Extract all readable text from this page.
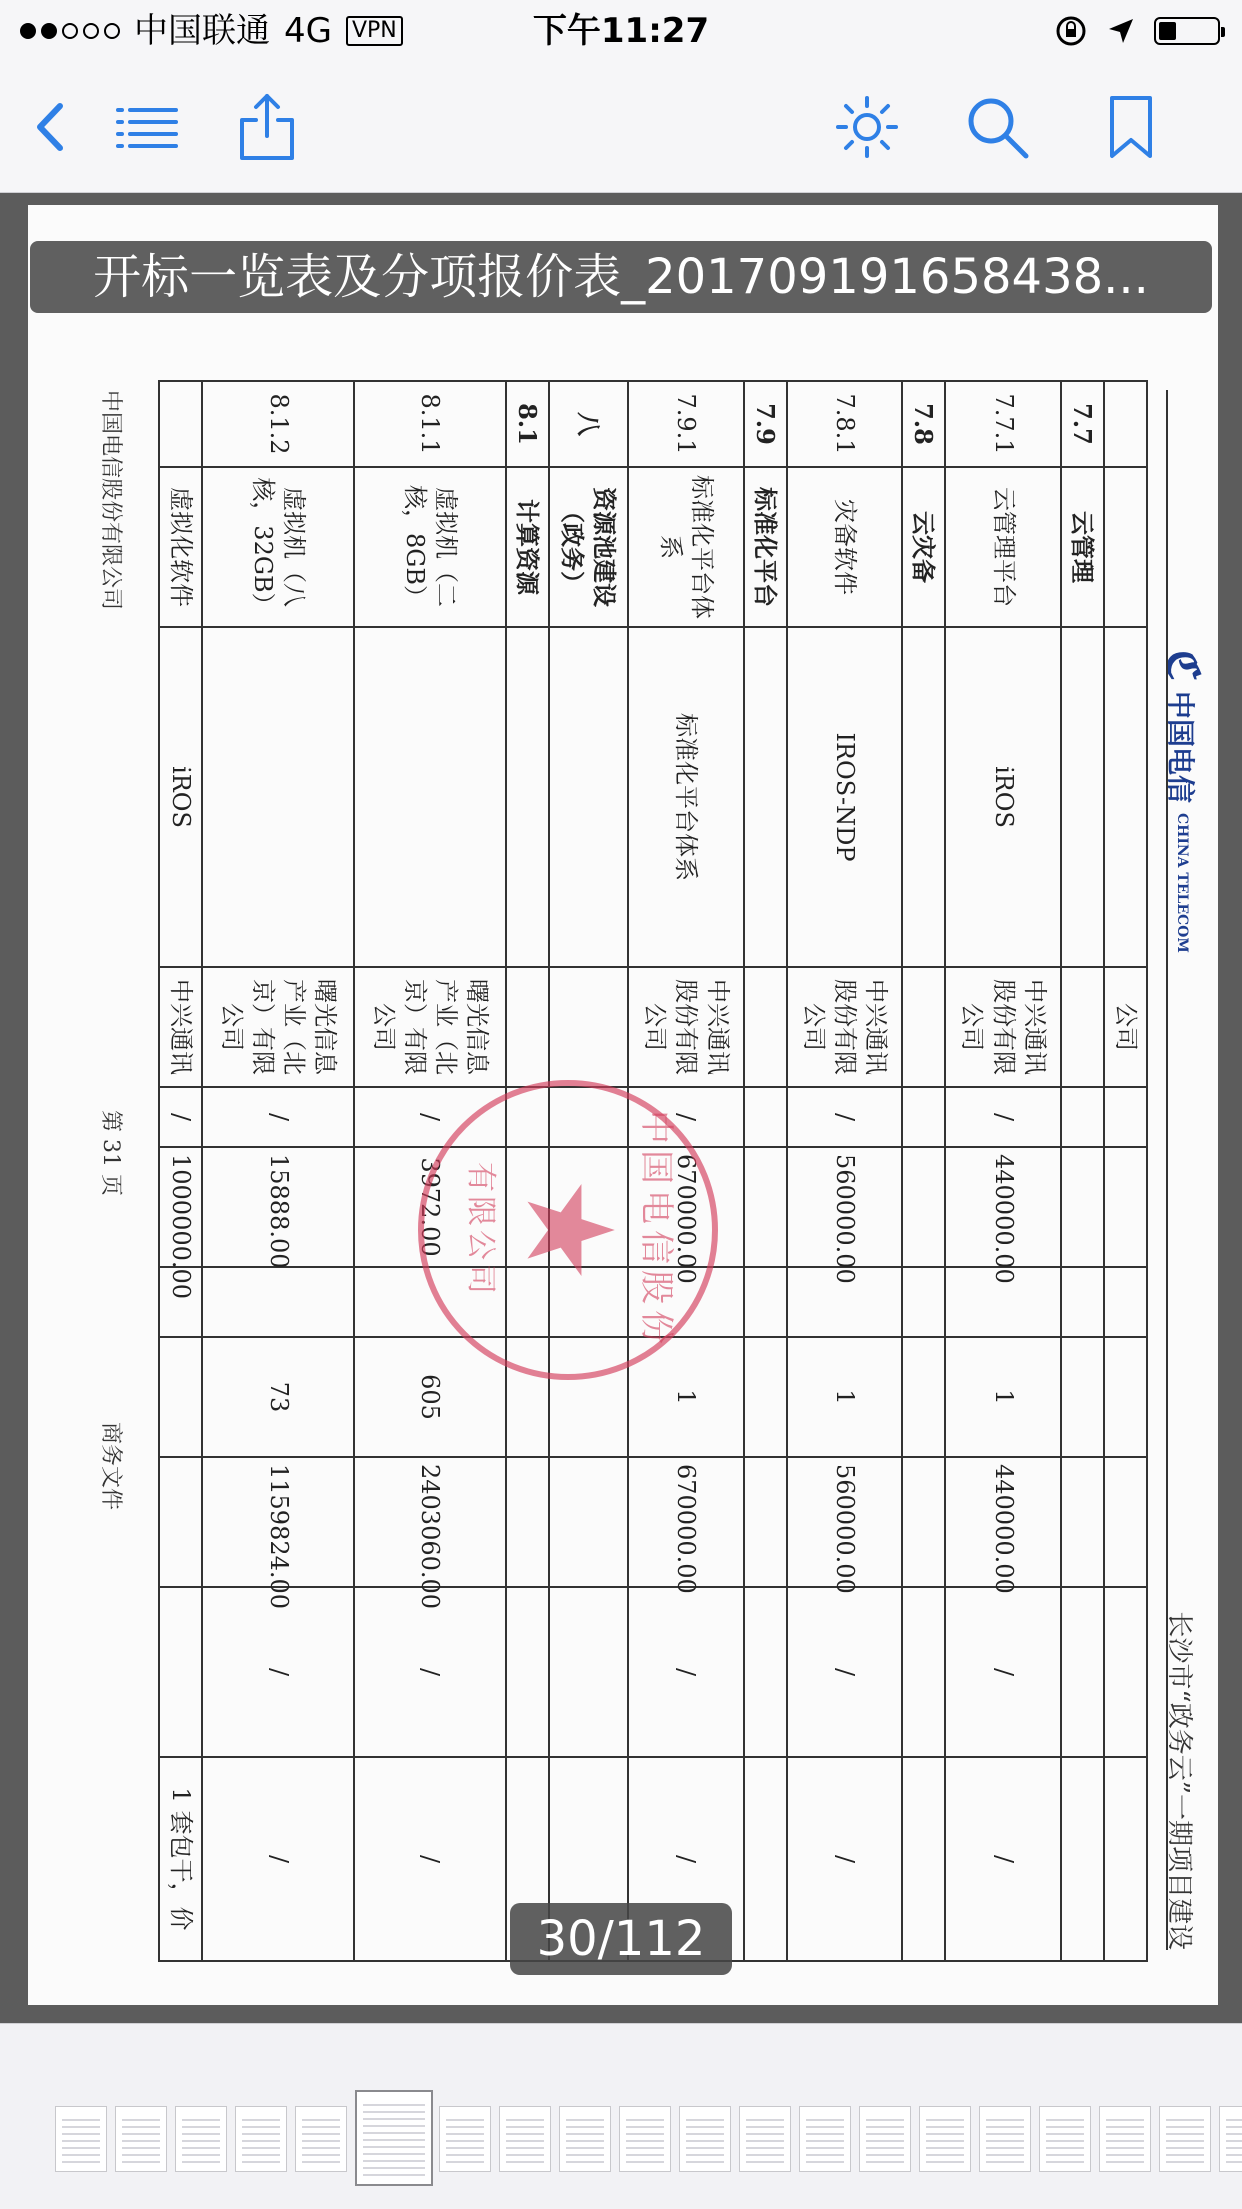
中国联通 4G VPN	下午11:27
ℭ
中国电信
CHINA TELECOM
长沙市“政务云”一期项目建设
			公司							
7.7	云管理									
7.7.1	云管理平台	iROS	中兴通讯股份有限公司	/	440000.00		1	440000.00	/	/
7.8	云灾备									
7.8.1	灾备软件	IROS-NDP	中兴通讯股份有限公司	/	560000.00		1	560000.00	/	/
7.9	标准化平台									
7.9.1	标准化平台体系	标准化平台体系	中兴通讯股份有限公司	/	670000.00		1	670000.00	/	/
八	资源池建设（政务）									
8.1	计算资源									
8.1.1	虚拟机（二核，8GB）		曙光信息产业（北京）有限公司	/	3972.00		605	2403060.00	/	/
8.1.2	虚拟机（八核，32GB）		曙光信息产业（北京）有限公司	/	15888.00		73	1159824.00	/	/
	虚拟化软件	iROS	中兴通讯	/	1000000.00					1 套包干，价
中国电信股份
★
有限公司
中国电信股份有限公司
第 31 页
商务文件
开标一览表及分项报价表_201709191658438...
30/112
